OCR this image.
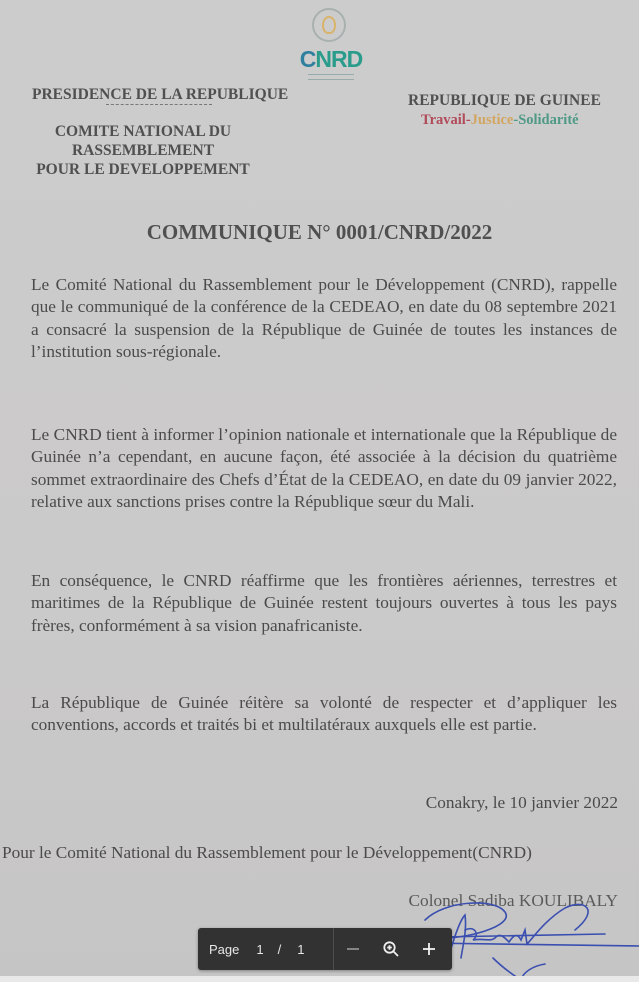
CNRD
PRESIDENCE DE LA REPUBLIQUE
COMITE NATIONAL DU
RASSEMBLEMENT
POUR LE DEVELOPPEMENT
REPUBLIQUE DE GUINEE
Travail-Justice-Solidarité
COMMUNIQUE N° 0001/CNRD/2022
Le Comité National du Rassemblement pour le Développement (CNRD), rappelle que le communiqué de la conférence de la CEDEAO, en date du 08 septembre 2021 a consacré la suspension de la République de Guinée de toutes les instances de l’institution sous-régionale.
Le CNRD tient à informer l’opinion nationale et internationale que la République de Guinée n’a cependant, en aucune façon, été associée à la décision du quatrième sommet extraordinaire des Chefs d’État de la CEDEAO, en date du 09 janvier 2022, relative aux sanctions prises contre la République sœur du Mali.
En conséquence, le CNRD réaffirme que les frontières aériennes, terrestres et maritimes de la République de Guinée restent toujours ouvertes à tous les pays frères, conformément à sa vision panafricaniste.
La République de Guinée réitère sa volonté de respecter et d’appliquer les conventions, accords et traités bi et multilatéraux auxquels elle est partie.
Conakry, le 10 janvier 2022
Pour le Comité National du Rassemblement pour le Développement(CNRD)
Colonel Sadiba KOULIBALY
Page 1 / 1
